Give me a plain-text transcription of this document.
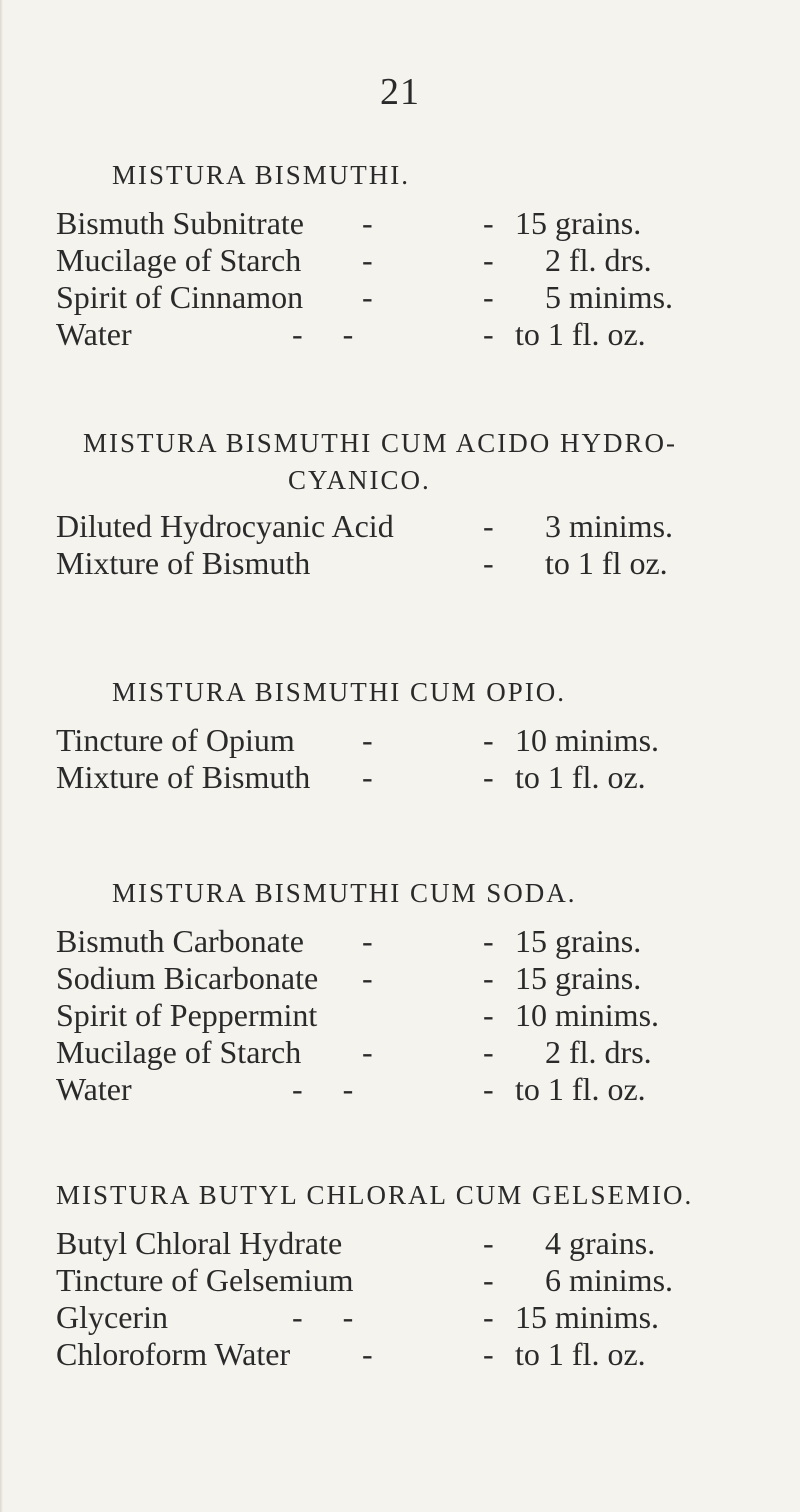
21
MISTURA BISMUTHI.
Bismuth Subnitrate -	- 15 grains.
Mucilage of Starch -	- 2 fl. drs.
Spirit of Cinnamon -	- 5 minims.
Water	-     -	- to 1 fl. oz.
MISTURA BISMUTHI CUM ACIDO HYDRO-
CYANICO.
Diluted Hydrocyanic Acid	- 3 minims.
Mixture of Bismuth	- to 1 fl oz.
MISTURA BISMUTHI CUM OPIO.
Tincture of Opium -	- 10 minims.
Mixture of Bismuth -	- to 1 fl. oz.
MISTURA BISMUTHI CUM SODA.
Bismuth Carbonate -	- 15 grains.
Sodium Bicarbonate -	- 15 grains.
Spirit of Peppermint	- 10 minims.
Mucilage of Starch -	- 2 fl. drs.
Water	-     -	- to 1 fl. oz.
MISTURA BUTYL CHLORAL CUM GELSEMIO.
Butyl Chloral Hydrate	- 4 grains.
Tincture of Gelsemium	- 6 minims.
Glycerin	-     -	- 15 minims.
Chloroform Water -	- to 1 fl. oz.
